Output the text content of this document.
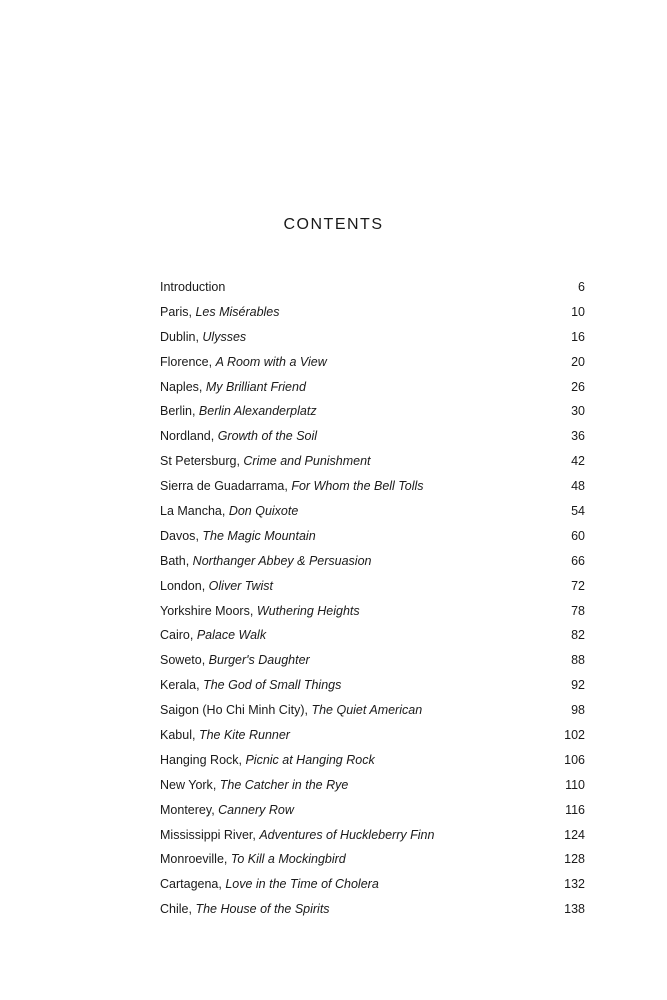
CONTENTS
Introduction	6
Paris, Les Misérables	10
Dublin, Ulysses	16
Florence, A Room with a View	20
Naples, My Brilliant Friend	26
Berlin, Berlin Alexanderplatz	30
Nordland, Growth of the Soil	36
St Petersburg, Crime and Punishment	42
Sierra de Guadarrama, For Whom the Bell Tolls	48
La Mancha, Don Quixote	54
Davos, The Magic Mountain	60
Bath, Northanger Abbey & Persuasion	66
London, Oliver Twist	72
Yorkshire Moors, Wuthering Heights	78
Cairo, Palace Walk	82
Soweto, Burger's Daughter	88
Kerala, The God of Small Things	92
Saigon (Ho Chi Minh City), The Quiet American	98
Kabul, The Kite Runner	102
Hanging Rock, Picnic at Hanging Rock	106
New York, The Catcher in the Rye	110
Monterey, Cannery Row	116
Mississippi River, Adventures of Huckleberry Finn	124
Monroeville, To Kill a Mockingbird	128
Cartagena, Love in the Time of Cholera	132
Chile, The House of the Spirits	138
